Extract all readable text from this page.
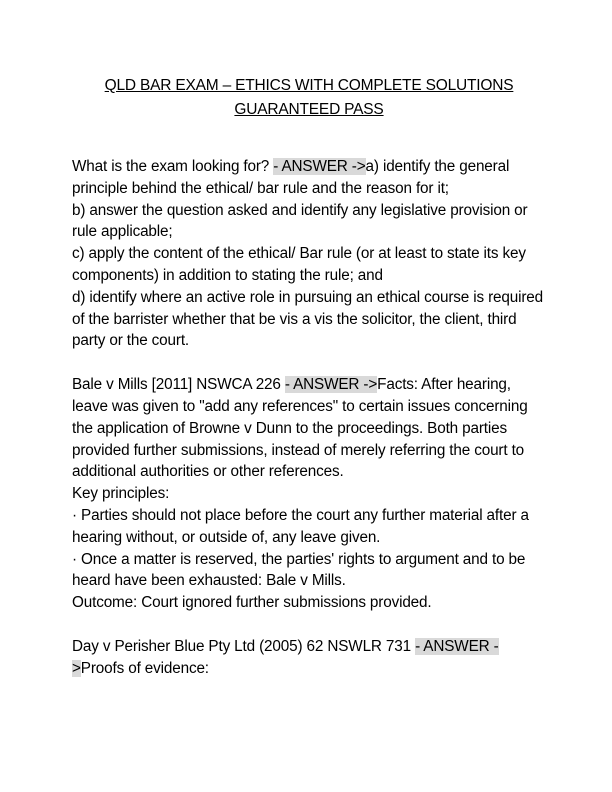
QLD BAR EXAM – ETHICS WITH COMPLETE SOLUTIONS
GUARANTEED PASS

What is the exam looking for? - ANSWER ->a) identify the general principle behind the ethical/ bar rule and the reason for it;

b) answer the question asked and identify any legislative provision or rule applicable;

c) apply the content of the ethical/ Bar rule (or at least to state its key components) in addition to stating the rule; and

d) identify where an active role in pursuing an ethical course is required of the barrister whether that be vis a vis the solicitor, the client, third party or the court.

Bale v Mills [2011] NSWCA 226 - ANSWER ->Facts: After hearing, leave was given to "add any references" to certain issues concerning the application of Browne v Dunn to the proceedings. Both parties provided further submissions, instead of merely referring the court to additional authorities or other references.

Key principles:

· Parties should not place before the court any further material after a hearing without, or outside of, any leave given.

· Once a matter is reserved, the parties' rights to argument and to be heard have been exhausted: Bale v Mills.

Outcome: Court ignored further submissions provided.

Day v Perisher Blue Pty Ltd (2005) 62 NSWLR 731 - ANSWER -
>Proofs of evidence:
